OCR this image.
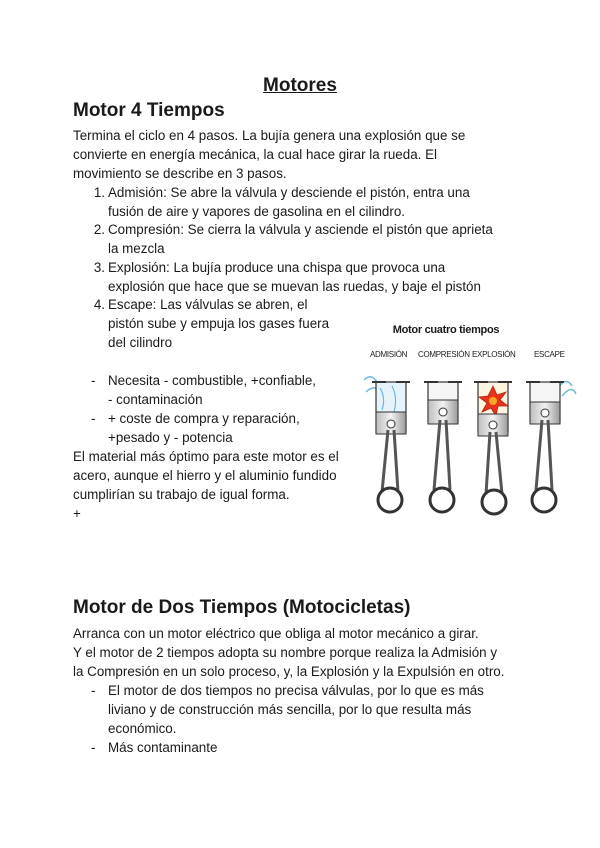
Motores
Motor 4 Tiempos
Termina el ciclo en 4 pasos. La bujía genera una explosión que se
convierte en energía mecánica, la cual hace girar la rueda. El
movimiento se describe en 3 pasos.
1. Admisión: Se abre la válvula y desciende el pistón, entra una
fusión de aire y vapores de gasolina en el cilindro.
2. Compresión: Se cierra la válvula y asciende el pistón que aprieta
la mezcla
3. Explosión: La bujía produce una chispa que provoca una
explosión que hace que se muevan las ruedas, y baje el pistón
4. Escape: Las válvulas se abren, el
pistón sube y empuja los gases fuera
del cilindro
- Necesita - combustible, +confiable,
- contaminación
- + coste de compra y reparación,
+pesado y - potencia
El material más óptimo para este motor es el
acero, aunque el hierro y el aluminio fundido
cumplirían su trabajo de igual forma.
+
Motor cuatro tiempos
ADMISIÓN COMPRESIÓN EXPLOSIÓN ESCAPE
Motor de Dos Tiempos (Motocicletas)
Arranca con un motor eléctrico que obliga al motor mecánico a girar.
Y el motor de 2 tiempos adopta su nombre porque realiza la Admisión y
la Compresión en un solo proceso, y, la Explosión y la Expulsión en otro.
- El motor de dos tiempos no precisa válvulas, por lo que es más
liviano y de construcción más sencilla, por lo que resulta más
económico.
- Más contaminante
